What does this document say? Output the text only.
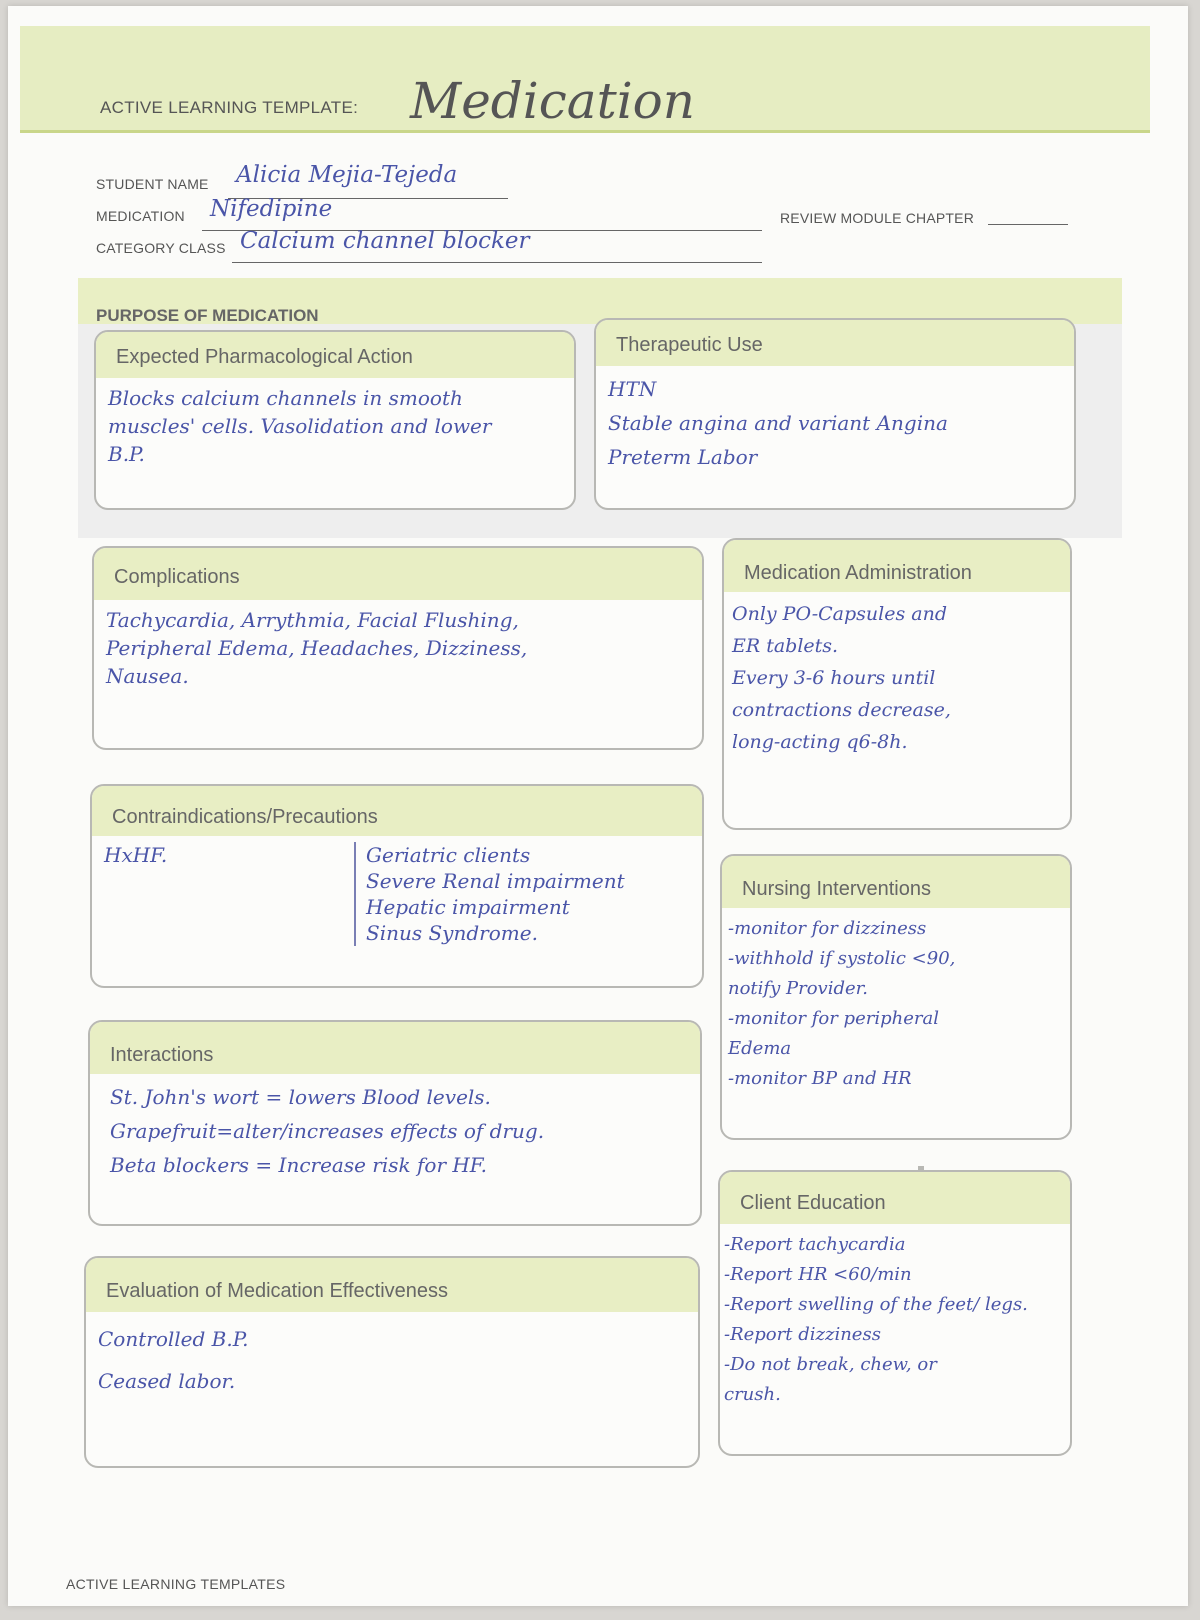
ACTIVE LEARNING TEMPLATE: Medication
STUDENT NAME Alicia Mejia-Tejeda
MEDICATION Nifedipine
CATEGORY CLASS Calcium channel blocker
REVIEW MODULE CHAPTER
PURPOSE OF MEDICATION
Expected Pharmacological Action
Blocks calcium channels in smooth
muscles' cells. Vasolidation and lower
B.P.
Therapeutic Use
HTN
Stable angina and variant Angina
Preterm Labor
Complications
Tachycardia, Arrythmia, Facial Flushing,
Peripheral Edema, Headaches, Dizziness,
Nausea.
Medication Administration
Only PO-Capsules and
ER tablets.
Every 3-6 hours until
contractions decrease,
long-acting q6-8h.
Contraindications/Precautions
HxHF.	Geriatric clients
Severe Renal impairment
Hepatic impairment
Sinus Syndrome.
Nursing Interventions
-monitor for dizziness
-withhold if systolic <90,
notify Provider.
-monitor for peripheral
Edema
-monitor BP and HR
Interactions
St. John's wort = lowers Blood levels.
Grapefruit=alter/increases effects of drug.
Beta blockers = Increase risk for HF.
Client Education
-Report tachycardia
-Report HR <60/min
-Report swelling of the feet/ legs.
-Report dizziness
-Do not break, chew, or
crush.
Evaluation of Medication Effectiveness
Controlled B.P.
Ceased labor.
ACTIVE LEARNING TEMPLATES
